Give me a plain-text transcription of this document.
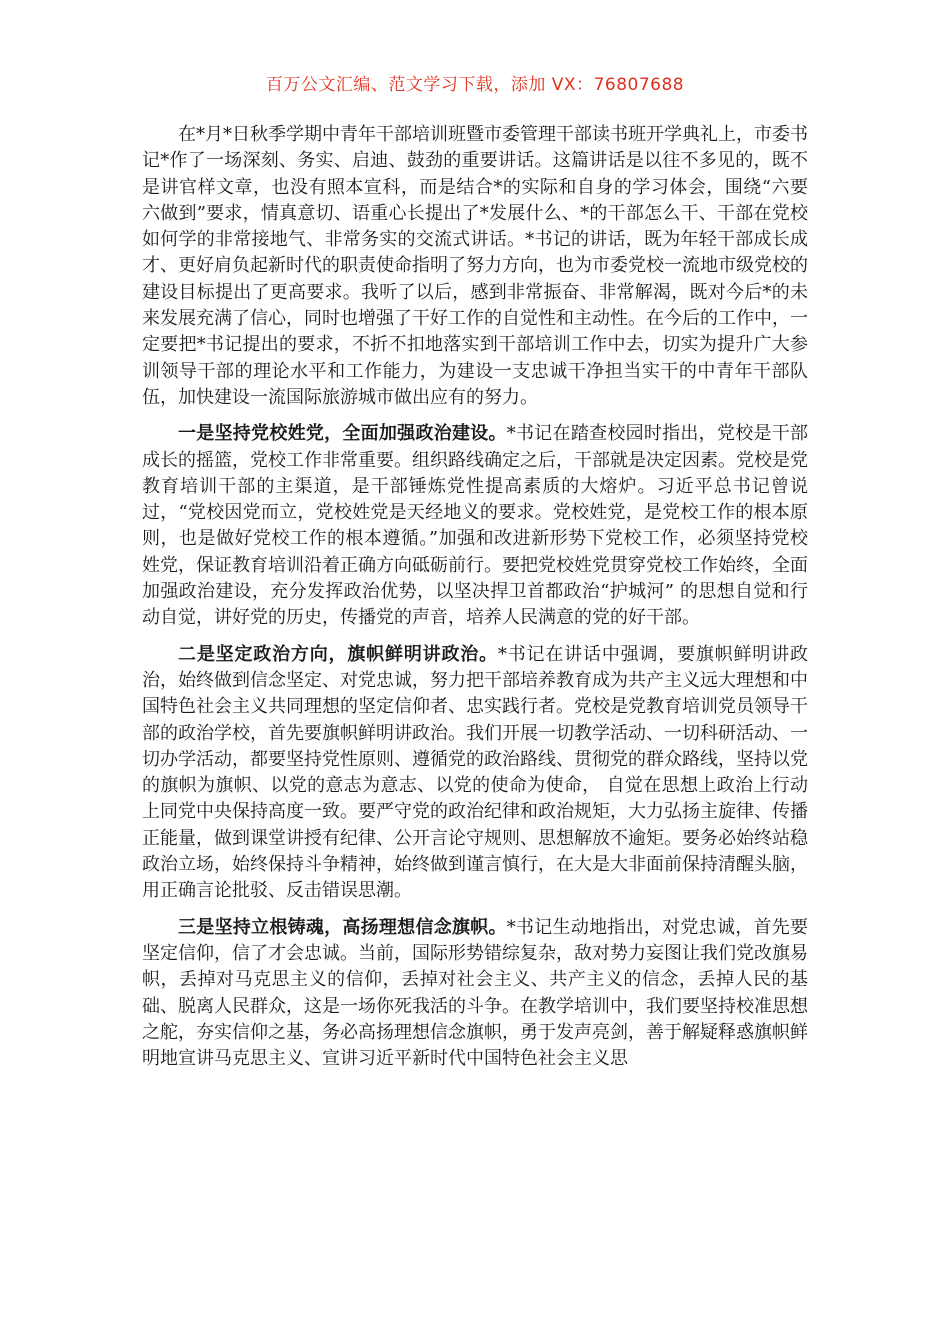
百万公文汇编、范文学习下载，添加 VX：76807688

在*月*日秋季学期中青年干部培训班暨市委管理干部读书班开学典礼上，市委书记*作了一场深刻、务实、启迪、鼓劲的重要讲话。这篇讲话是以往不多见的，既不是讲官样文章，也没有照本宣科，而是结合*的实际和自身的学习体会，围绕“六要六做到”要求，情真意切、语重心长提出了*发展什么、*的干部怎么干、干部在党校如何学的非常接地气、非常务实的交流式讲话。*书记的讲话，既为年轻干部成长成才、更好肩负起新时代的职责使命指明了努力方向，也为市委党校一流地市级党校的建设目标提出了更高要求。我听了以后，感到非常振奋、非常解渴，既对今后*的未来发展充满了信心，同时也增强了干好工作的自觉性和主动性。在今后的工作中，一定要把*书记提出的要求，不折不扣地落实到干部培训工作中去，切实为提升广大参训领导干部的理论水平和工作能力，为建设一支忠诚干净担当实干的中青年干部队伍，加快建设一流国际旅游城市做出应有的努力。

一是坚持党校姓党，全面加强政治建设。*书记在踏查校园时指出，党校是干部成长的摇篮，党校工作非常重要。组织路线确定之后，干部就是决定因素。党校是党教育培训干部的主渠道，是干部锤炼党性提高素质的大熔炉。习近平总书记曾说过，“党校因党而立，党校姓党是天经地义的要求。党校姓党，是党校工作的根本原则，也是做好党校工作的根本遵循。”加强和改进新形势下党校工作，必须坚持党校姓党，保证教育培训沿着正确方向砥砺前行。要把党校姓党贯穿党校工作始终，全面加强政治建设，充分发挥政治优势，以坚决捍卫首都政治“护城河” 的思想自觉和行动自觉，讲好党的历史，传播党的声音，培养人民满意的党的好干部。

二是坚定政治方向，旗帜鲜明讲政治。*书记在讲话中强调，要旗帜鲜明讲政治，始终做到信念坚定、对党忠诚，努力把干部培养教育成为共产主义远大理想和中国特色社会主义共同理想的坚定信仰者、忠实践行者。党校是党教育培训党员领导干部的政治学校，首先要旗帜鲜明讲政治。我们开展一切教学活动、一切科研活动、一切办学活动，都要坚持党性原则、遵循党的政治路线、贯彻党的群众路线，坚持以党的旗帜为旗帜、以党的意志为意志、以党的使命为使命， 自觉在思想上政治上行动上同党中央保持高度一致。要严守党的政治纪律和政治规矩，大力弘扬主旋律、传播正能量，做到课堂讲授有纪律、公开言论守规则、思想解放不逾矩。要务必始终站稳政治立场，始终保持斗争精神，始终做到谨言慎行，在大是大非面前保持清醒头脑，用正确言论批驳、反击错误思潮。

三是坚持立根铸魂，高扬理想信念旗帜。*书记生动地指出，对党忠诚，首先要坚定信仰，信了才会忠诚。当前，国际形势错综复杂，敌对势力妄图让我们党改旗易帜，丢掉对马克思主义的信仰，丢掉对社会主义、共产主义的信念，丢掉人民的基础、脱离人民群众，这是一场你死我活的斗争。在教学培训中，我们要坚持校准思想之舵，夯实信仰之基，务必高扬理想信念旗帜，勇于发声亮剑，善于解疑释惑旗帜鲜明地宣讲马克思主义、宣讲习近平新时代中国特色社会主义思
